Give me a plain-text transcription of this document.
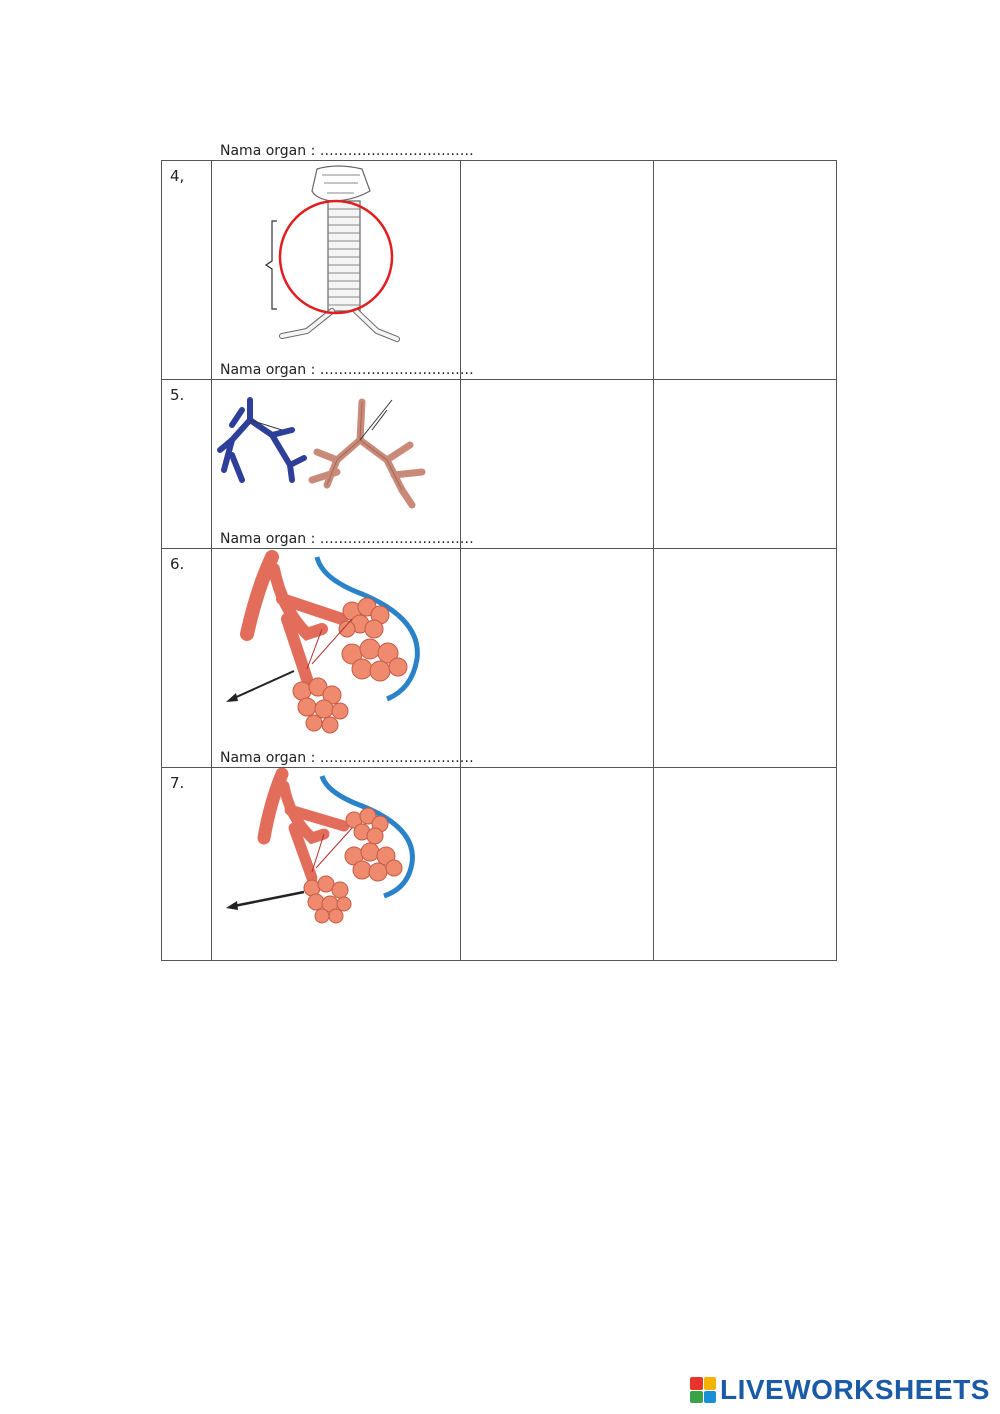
4,	Nama organ : ……………………………		

5.	Nama organ : ……………………………		

6.	Nama organ : ……………………………		

7.	Nama organ : ……………………………		

LIVEWORKSHEETS
